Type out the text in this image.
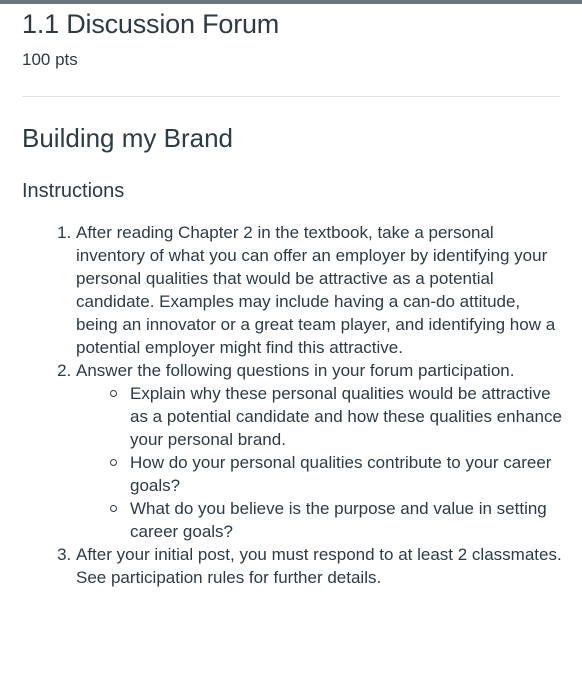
1.1 Discussion Forum
100 pts
Building my Brand
Instructions
1. After reading Chapter 2 in the textbook, take a personal inventory of what you can offer an employer by identifying your personal qualities that would be attractive as a potential candidate. Examples may include having a can-do attitude, being an innovator or a great team player, and identifying how a potential employer might find this attractive.
2. Answer the following questions in your forum participation.
Explain why these personal qualities would be attractive as a potential candidate and how these qualities enhance your personal brand.
How do your personal qualities contribute to your career goals?
What do you believe is the purpose and value in setting career goals?
3. After your initial post, you must respond to at least 2 classmates. See participation rules for further details.
